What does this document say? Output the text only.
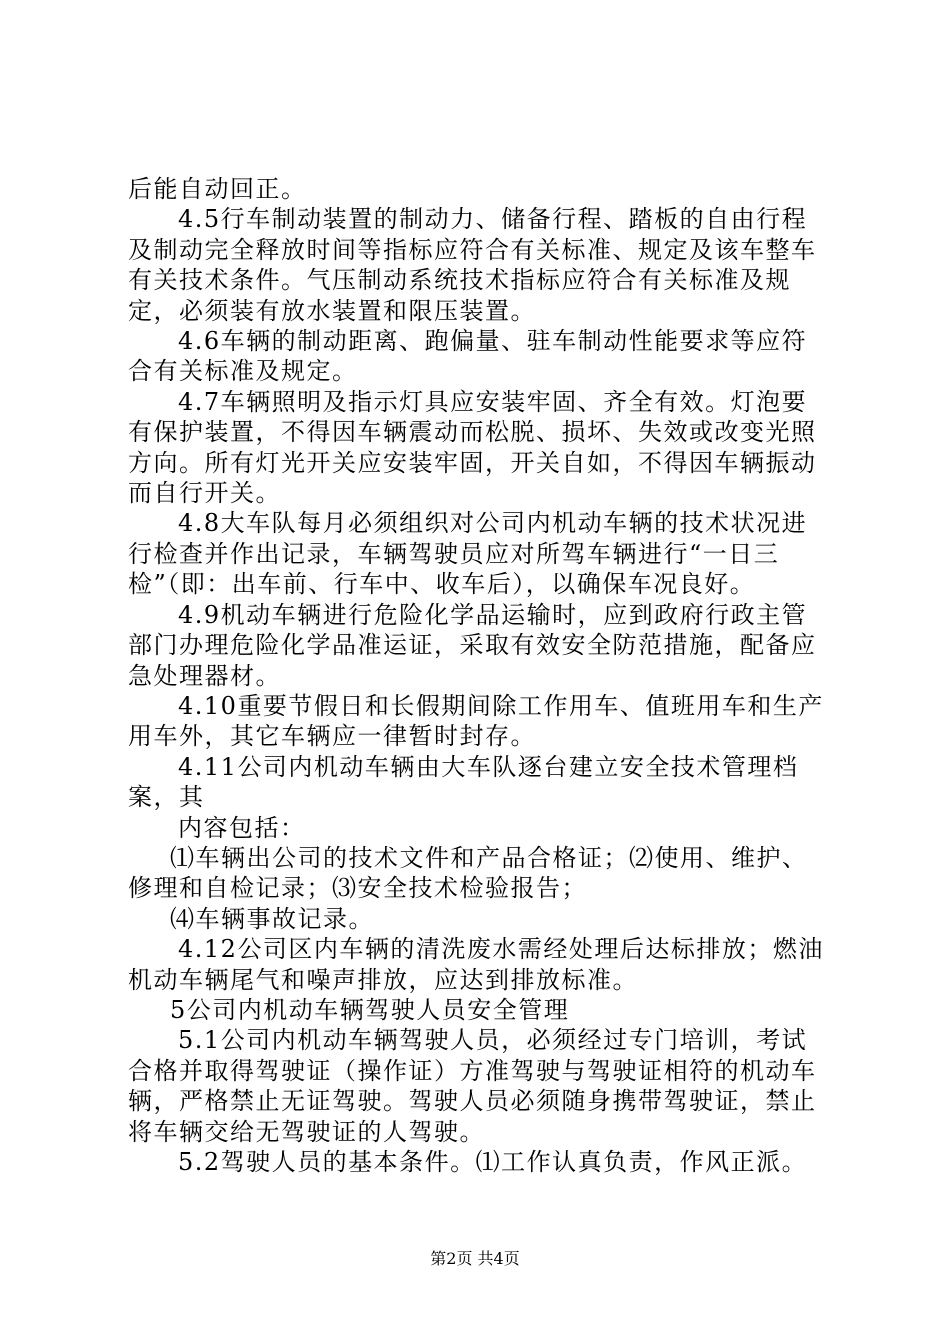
后能自动回正。

4.5行车制动装置的制动力、储备行程、踏板的自由行程及制动完全释放时间等指标应符合有关标准、规定及该车整车有关技术条件。气压制动系统技术指标应符合有关标准及规定，必须装有放水装置和限压装置。

4.6车辆的制动距离、跑偏量、驻车制动性能要求等应符合有关标准及规定。

4.7车辆照明及指示灯具应安装牢固、齐全有效。灯泡要有保护装置，不得因车辆震动而松脱、损坏、失效或改变光照方向。所有灯光开关应安装牢固，开关自如，不得因车辆振动而自行开关。

4.8大车队每月必须组织对公司内机动车辆的技术状况进行检查并作出记录，车辆驾驶员应对所驾车辆进行“一日三检”（即：出车前、行车中、收车后），以确保车况良好。

4.9机动车辆进行危险化学品运输时，应到政府行政主管部门办理危险化学品准运证，采取有效安全防范措施，配备应急处理器材。

4.10重要节假日和长假期间除工作用车、值班用车和生产用车外，其它车辆应一律暂时封存。

4.11公司内机动车辆由大车队逐台建立安全技术管理档案，其

内容包括：

⑴车辆出公司的技术文件和产品合格证；⑵使用、维护、修理和自检记录；⑶安全技术检验报告；

⑷车辆事故记录。

4.12公司区内车辆的清洗废水需经处理后达标排放；燃油机动车辆尾气和噪声排放，应达到排放标准。

5公司内机动车辆驾驶人员安全管理

5.1公司内机动车辆驾驶人员，必须经过专门培训，考试合格并取得驾驶证（操作证）方准驾驶与驾驶证相符的机动车辆，严格禁止无证驾驶。驾驶人员必须随身携带驾驶证，禁止将车辆交给无驾驶证的人驾驶。

5.2驾驶人员的基本条件。⑴工作认真负责，作风正派。

第2页 共4页
